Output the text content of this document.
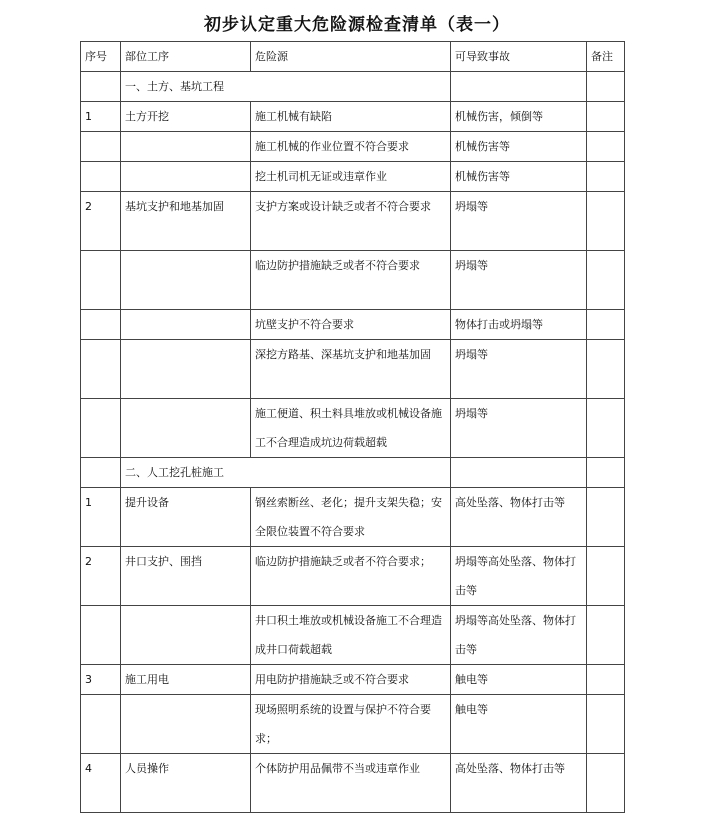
初步认定重大危险源检查清单（表一）
序号	部位工序	危险源	可导致事故	备注
	一、土方、基坑工程			
1	土方开挖	施工机械有缺陷	机械伤害，倾倒等	
		施工机械的作业位置不符合要求	机械伤害等	
		挖土机司机无证或违章作业	机械伤害等	
2	基坑支护和地基加固	支护方案或设计缺乏或者不符合要求	坍塌等	
		临边防护措施缺乏或者不符合要求	坍塌等	
		坑壁支护不符合要求	物体打击或坍塌等	
		深挖方路基、深基坑支护和地基加固	坍塌等	
		施工便道、积土料具堆放或机械设备施工不合理造成坑边荷载超载	坍塌等	
	二、人工挖孔桩施工			
1	提升设备	钢丝索断丝、老化；提升支架失稳；安全限位装置不符合要求	高处坠落、物体打击等	
2	井口支护、围挡	临边防护措施缺乏或者不符合要求；	坍塌等高处坠落、物体打击等	
		井口积土堆放或机械设备施工不合理造成井口荷载超载	坍塌等高处坠落、物体打击等	
3	施工用电	用电防护措施缺乏或不符合要求	触电等	
		现场照明系统的设置与保护不符合要求；	触电等	
4	人员操作	个体防护用品佩带不当或违章作业	高处坠落、物体打击等	
